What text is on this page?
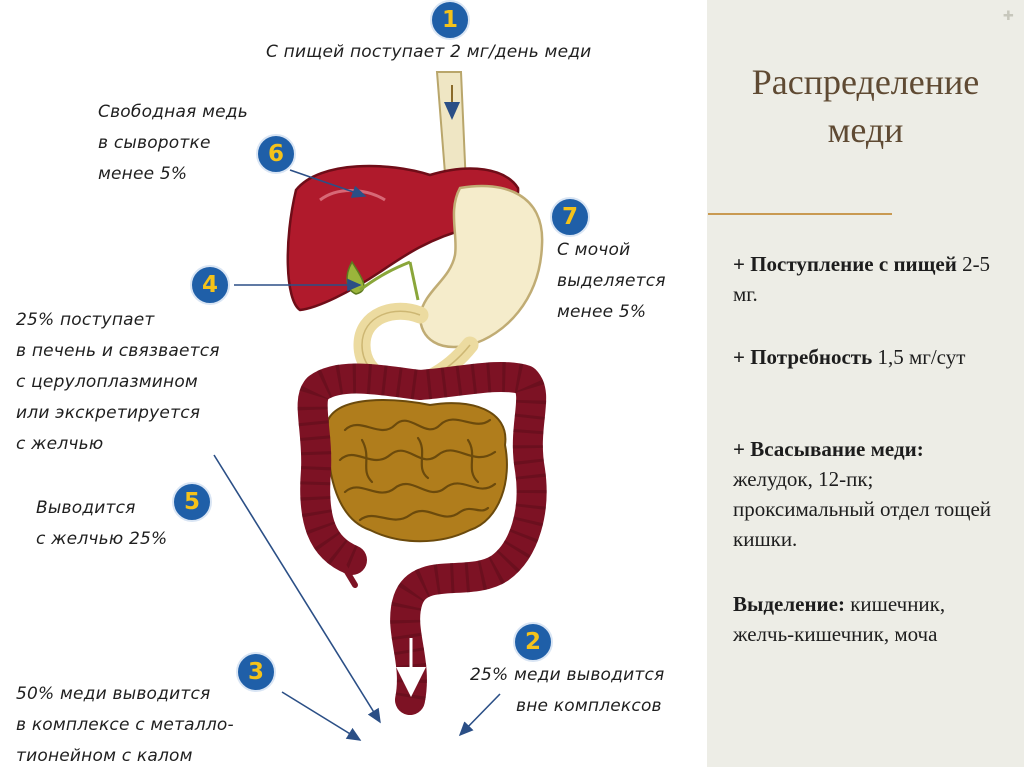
✚
1
6
7
4
5
2
3
С пищей поступает 2 мг/день меди
Свободная медь
в сыворотке
менее 5%
С мочой
выделяется
менее 5%
25% поступает
в печень и связвается
с церулоплазмином
или экскретируется
с желчью
Выводится
с желчью 25%
25% меди выводится
вне комплексов
50% меди выводится
в комплексе с металло-
тионейном с калом
Распределение
меди
+ Поступление с пищей 2-5 мг.
+ Потребность 1,5 мг/сут
+ Всасывание меди: желудок, 12-пк; проксимальный отдел тощей кишки.
Выделение: кишечник, желчь-кишечник, моча
